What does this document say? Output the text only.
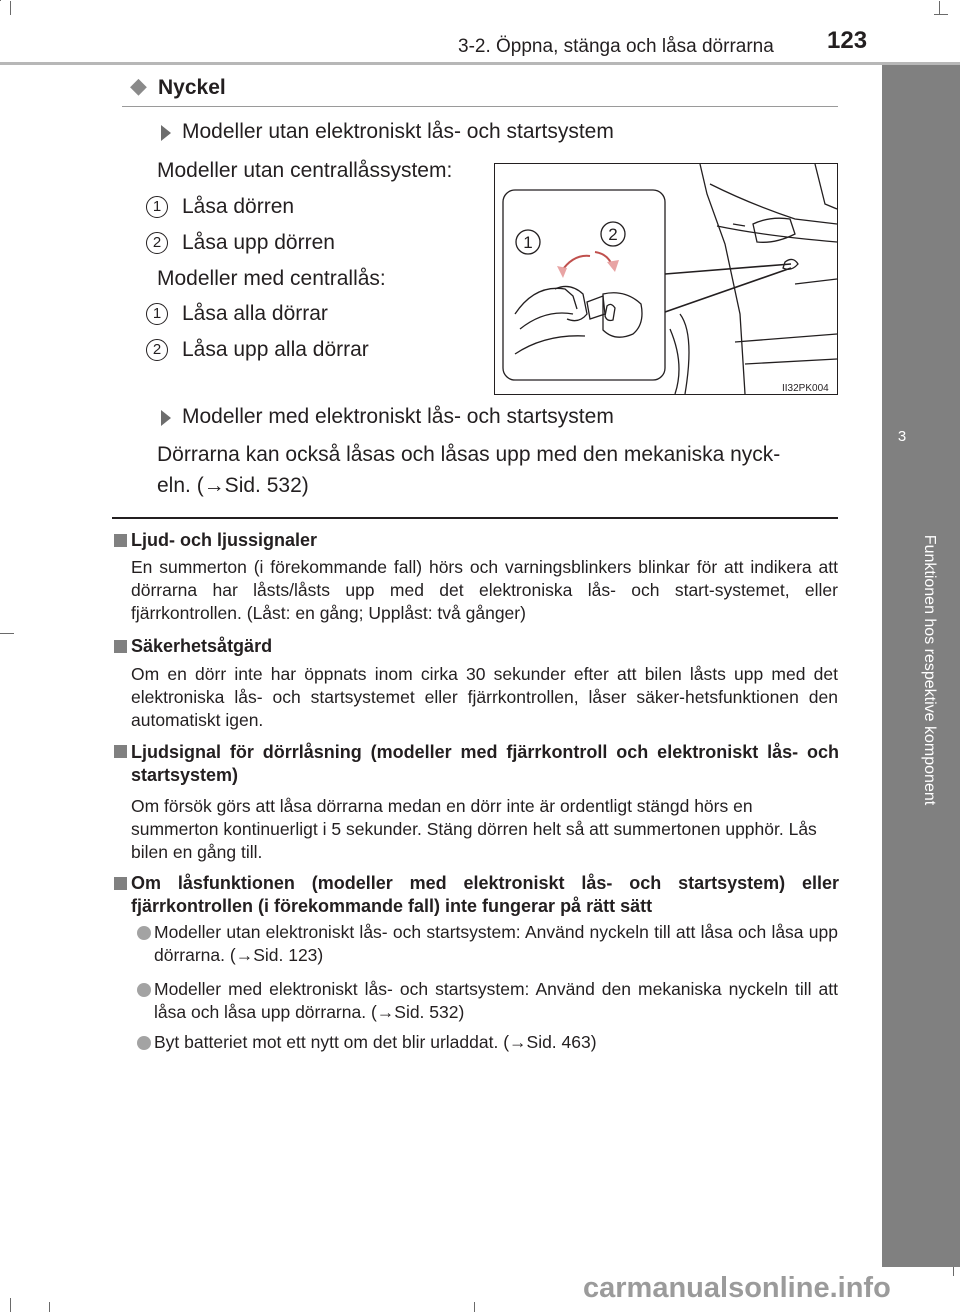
3-2. Öppna, stänga och låsa dörrarna 123
3
Funktionen hos respektive komponent
◆ Nyckel
Modeller utan elektroniskt lås- och startsystem
Modeller utan centrallåssystem:
1 Låsa dörren
2 Låsa upp dörren
Modeller med centrallås:
1 Låsa alla dörrar
2 Låsa upp alla dörrar
1	2
II32PK004
Modeller med elektroniskt lås- och startsystem
Dörrarna kan också låsas och låsas upp med den mekaniska nyck-
eln. (→Sid. 532)
Ljud- och ljussignaler
En summerton (i förekommande fall) hörs och varningsblinkers blinkar för att indikera att dörrarna har låsts/låsts upp med det elektroniska lås- och start-systemet, eller fjärrkontrollen. (Låst: en gång; Upplåst: två gånger)
Säkerhetsåtgärd
Om en dörr inte har öppnats inom cirka 30 sekunder efter att bilen låsts upp med det elektroniska lås- och startsystemet eller fjärrkontrollen, låser säker-hetsfunktionen den automatiskt igen.
Ljudsignal för dörrlåsning (modeller med fjärrkontroll och elektroniskt lås- och startsystem)
Om försök görs att låsa dörrarna medan en dörr inte är ordentligt stängd hörs en summerton kontinuerligt i 5 sekunder. Stäng dörren helt så att summertonen upphör. Lås bilen en gång till.
Om låsfunktionen (modeller med elektroniskt lås- och startsystem) eller fjärrkontrollen (i förekommande fall) inte fungerar på rätt sätt
Modeller utan elektroniskt lås- och startsystem: Använd nyckeln till att låsa och låsa upp dörrarna. (→Sid. 123)
Modeller med elektroniskt lås- och startsystem: Använd den mekaniska nyckeln till att låsa och låsa upp dörrarna. (→Sid. 532)
Byt batteriet mot ett nytt om det blir urladdat. (→Sid. 463)
carmanualsonline.info
